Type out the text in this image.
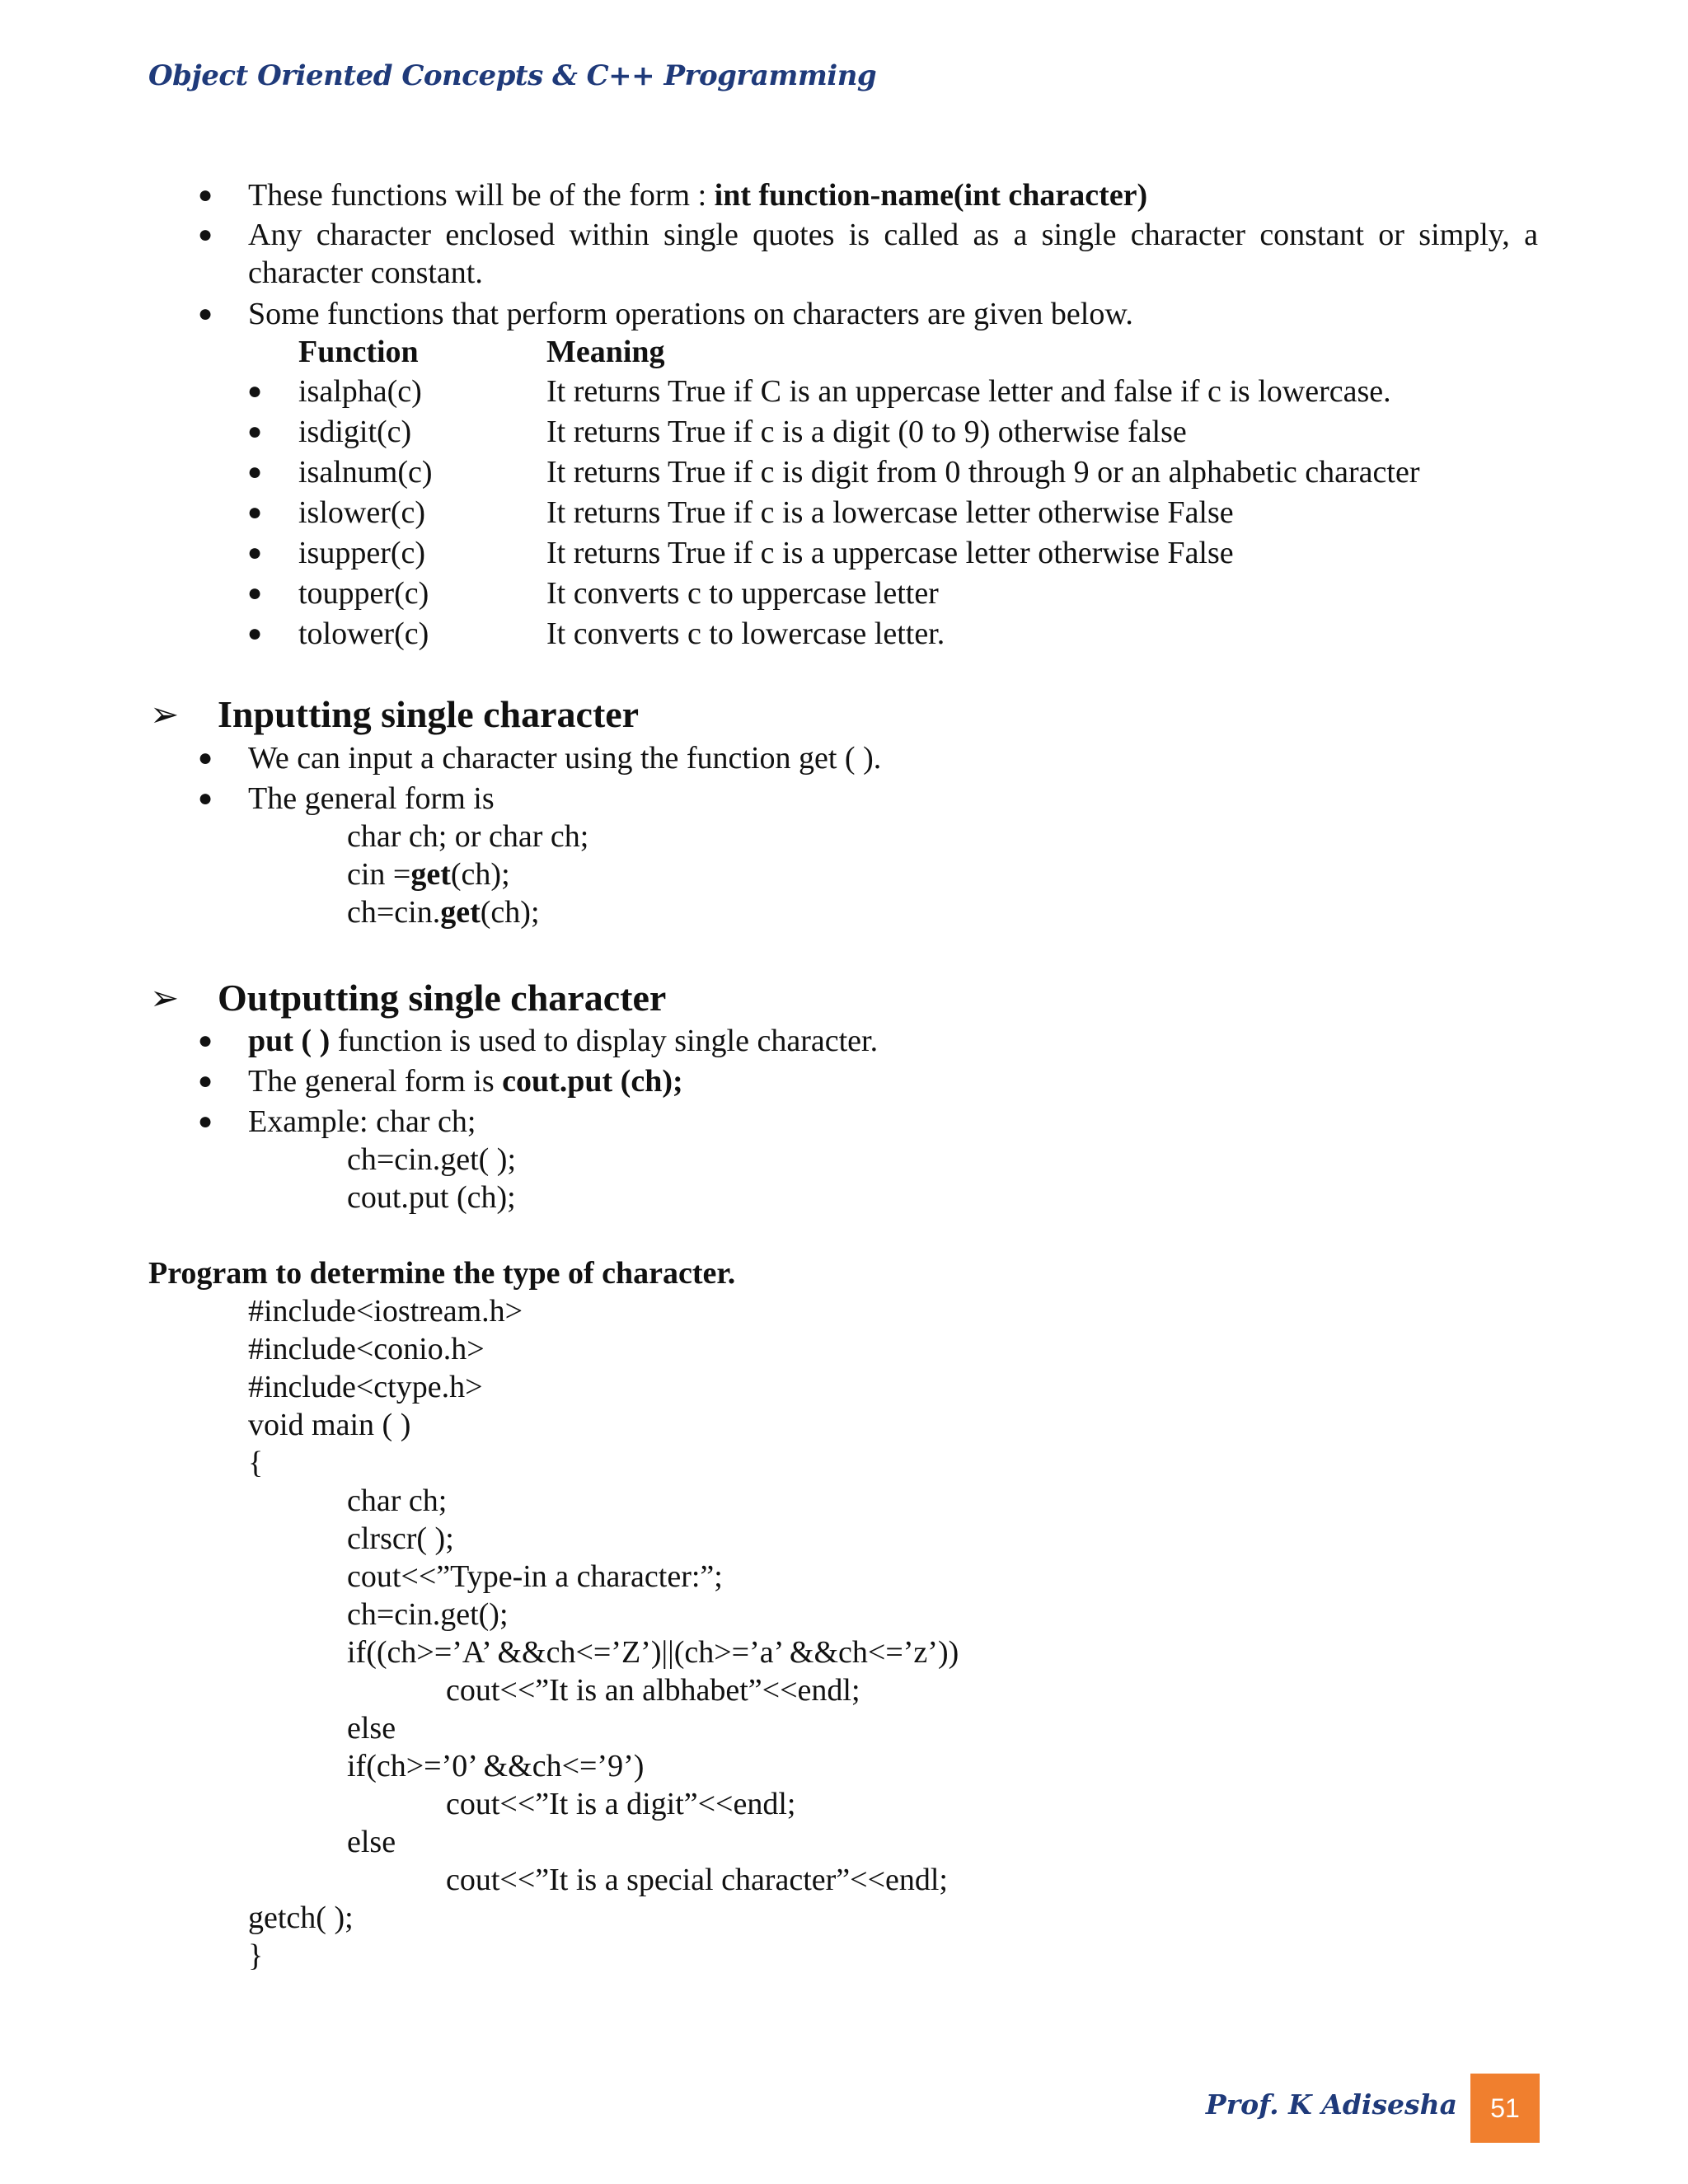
Object Oriented Concepts & C++ Programming
● These functions will be of the form : int function-name(int character)
● Any character enclosed within single quotes is called as a single character constant or simply, a
character constant.
● Some functions that perform operations on characters are given below.
Function	Meaning
● isalpha(c)	It returns True if C is an uppercase letter and false if c is lowercase.
● isdigit(c)	It returns True if c is a digit (0 to 9) otherwise false
● isalnum(c)	It returns True if c is digit from 0 through 9 or an alphabetic character
● islower(c)	It returns True if c is a lowercase letter otherwise False
● isupper(c)	It returns True if c is a uppercase letter otherwise False
● toupper(c)	It converts c to uppercase letter
● tolower(c)	It converts c to lowercase letter.
➢ Inputting single character
● We can input a character using the function get ( ).
● The general form is
char ch; or char ch;
cin =get(ch);
ch=cin.get(ch);
➢ Outputting single character
● put ( ) function is used to display single character.
● The general form is cout.put (ch);
● Example: char ch;
ch=cin.get( );
cout.put (ch);
Program to determine the type of character.
#include<iostream.h>
#include<conio.h>
#include<ctype.h>
void main ( )
{
char ch;
clrscr( );
cout<<”Type-in a character:”;
ch=cin.get();
if((ch>=’A’ &&ch<=’Z’)||(ch>=’a’ &&ch<=’z’))
cout<<”It is an albhabet”<<endl;
else
if(ch>=’0’ &&ch<=’9’)
cout<<”It is a digit”<<endl;
else
cout<<”It is a special character”<<endl;
getch( );
}
Prof. K Adisesha	51
